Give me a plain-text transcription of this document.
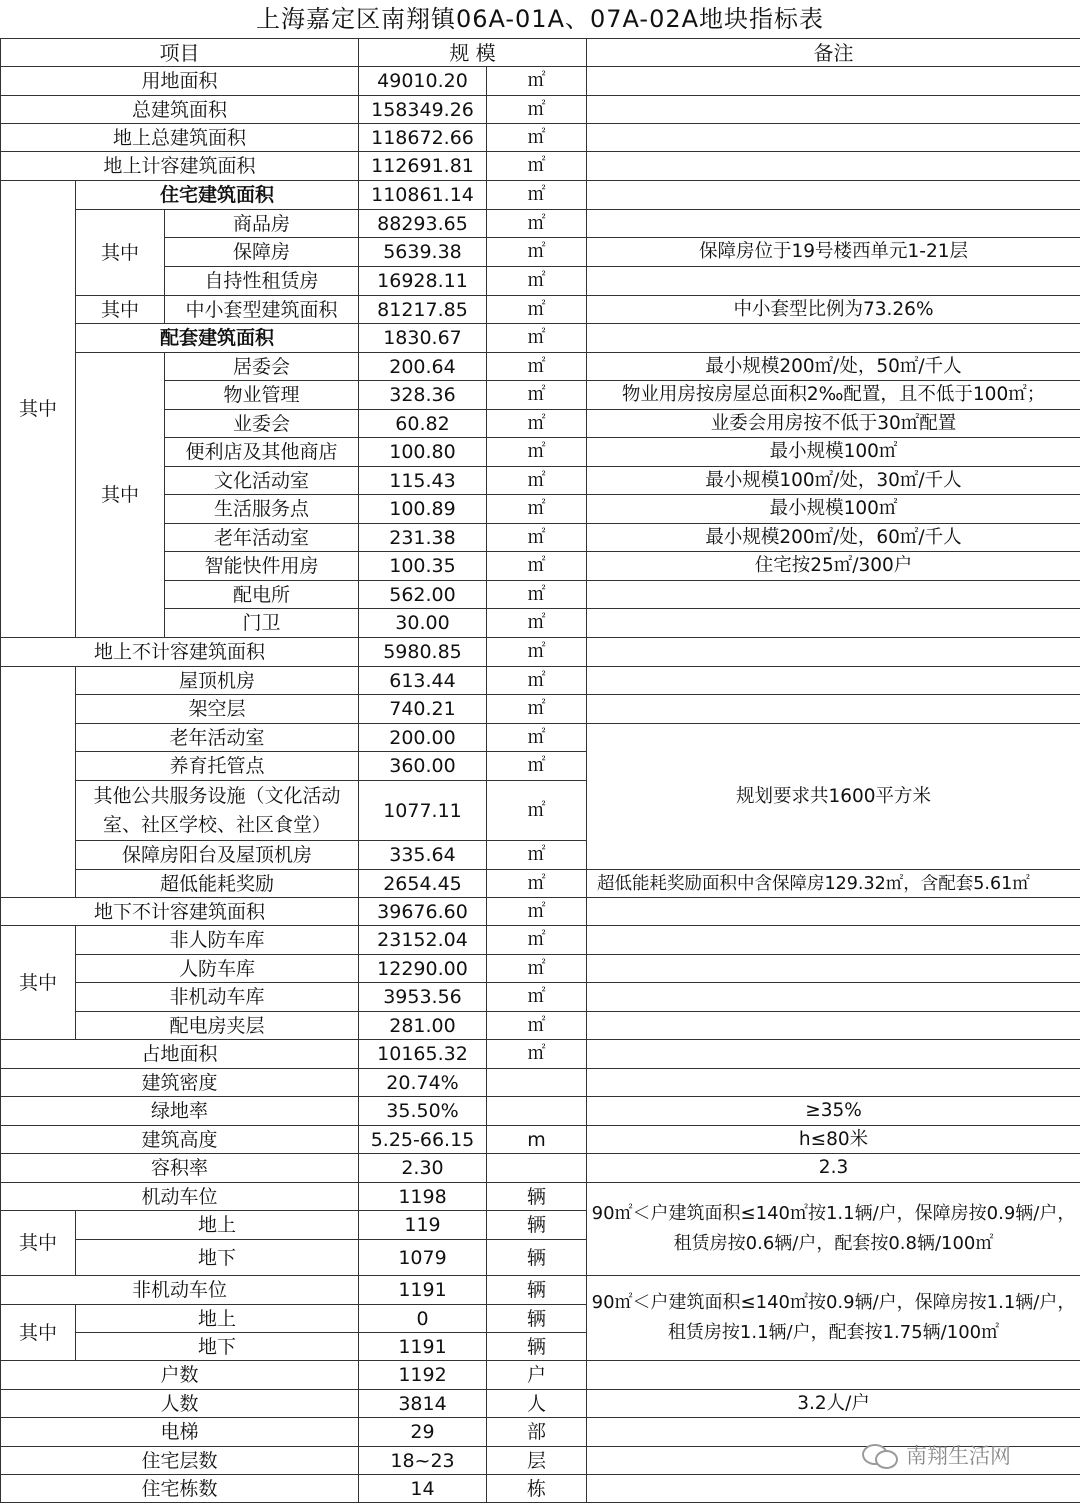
上海嘉定区南翔镇06A-01A、07A-02A地块指标表
项目			规 模		备注
用地面积			49010.20	㎡	
总建筑面积			158349.26	㎡	
地上总建筑面积			118672.66	㎡	
地上计容建筑面积			112691.81	㎡	
其中	住宅建筑面积		110861.14	㎡	
	其中	商品房	88293.65	㎡	
		保障房	5639.38	㎡	保障房位于19号楼西单元1-21层
		自持性租赁房	16928.11	㎡	
	其中	中小套型建筑面积	81217.85	㎡	中小套型比例为73.26%
	配套建筑面积		1830.67	㎡	
	其中	居委会	200.64	㎡	最小规模200㎡/处，50㎡/千人
		物业管理	328.36	㎡	物业用房按房屋总面积2‰配置，且不低于100㎡；
		业委会	60.82	㎡	业委会用房按不低于30㎡配置
		便利店及其他商店	100.80	㎡	最小规模100㎡
		文化活动室	115.43	㎡	最小规模100㎡/处，30㎡/千人
		生活服务点	100.89	㎡	最小规模100㎡
		老年活动室	231.38	㎡	最小规模200㎡/处，60㎡/千人
		智能快件用房	100.35	㎡	住宅按25㎡/300户
		配电所	562.00	㎡	
		门卫	30.00	㎡	
地上不计容建筑面积			5980.85	㎡	
	屋顶机房		613.44	㎡	
	架空层		740.21	㎡	
	老年活动室		200.00	㎡	规划要求共1600平方米
	养育托管点		360.00	㎡	
	其他公共服务设施（文化活动室、社区学校、社区食堂）		1077.11	㎡	
	保障房阳台及屋顶机房		335.64	㎡	
	超低能耗奖励		2654.45	㎡	超低能耗奖励面积中含保障房129.32㎡，含配套5.61㎡
地下不计容建筑面积			39676.60	㎡	
其中	非人防车库		23152.04	㎡	
	人防车库		12290.00	㎡	
	非机动车库		3953.56	㎡	
	配电房夹层		281.00	㎡	
占地面积			10165.32	㎡	
建筑密度			20.74%		
绿地率			35.50%		≥35%
建筑高度			5.25-66.15	m	h≤80米
容积率			2.30		2.3
机动车位			1198	辆	90㎡＜户建筑面积≤140㎡按1.1辆/户，保障房按0.9辆/户，租赁房按0.6辆/户，配套按0.8辆/100㎡
其中	地上		119	辆	
	地下		1079	辆	
非机动车位			1191	辆	90㎡＜户建筑面积≤140㎡按0.9辆/户，保障房按1.1辆/户，租赁房按1.1辆/户，配套按1.75辆/100㎡
其中	地上		0	辆	
	地下		1191	辆	
户数			1192	户	
人数			3814	人	3.2人/户
电梯			29	部	
住宅层数			18~23	层	
住宅栋数			14	栋	
南翔生活网
